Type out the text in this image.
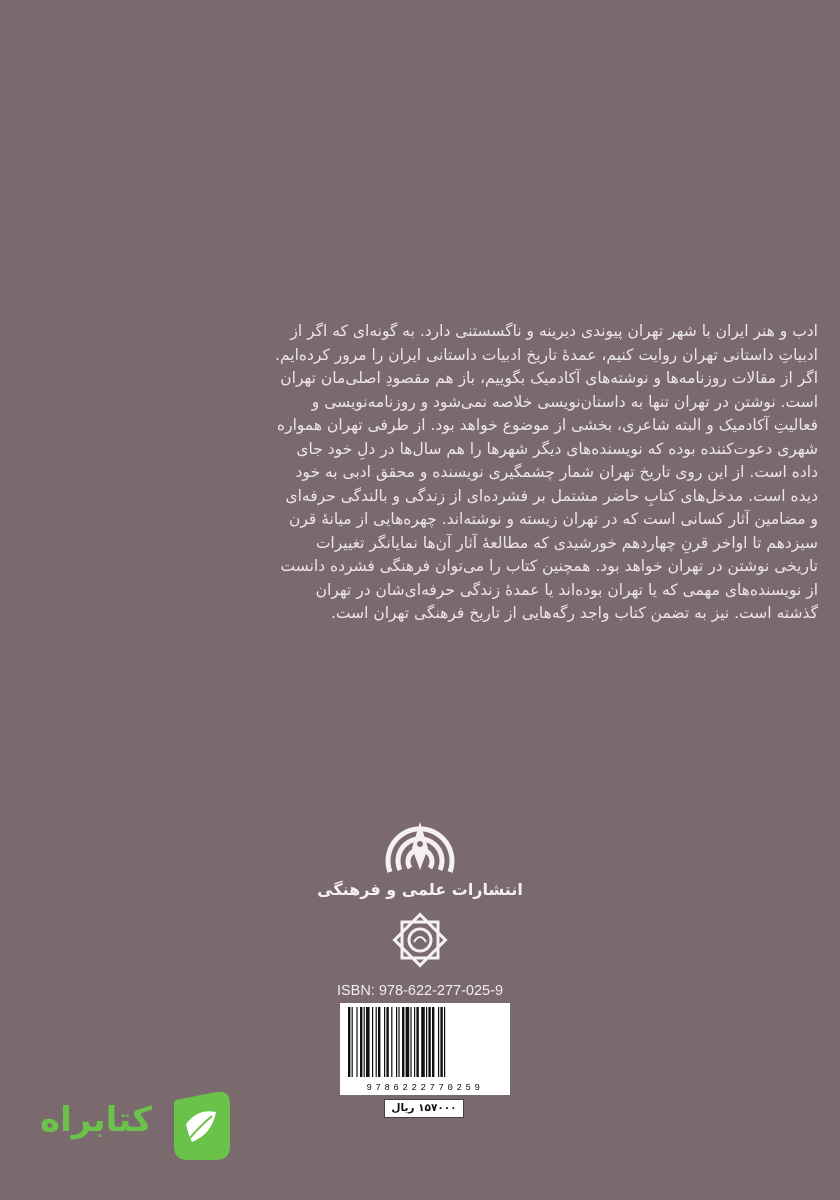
ادب و هنر ایران با شهر تهران پیوندی دیرینه و ناگسستنی دارد. به گونه‌ای که اگر از
ادبیاتِ داستانی تهران روایت کنیم، عمدهٔ تاریخ ادبیات داستانی ایران را مرور کرده‌ایم.
اگر از مقالات روزنامه‌ها و نوشته‌های آکادمیک بگوییم، باز هم مقصودِ اصلی‌مان تهران
است. نوشتن در تهران تنها به داستان‌نویسی خلاصه نمی‌شود و روزنامه‌نویسی و
فعالیتِ آکادمیک و البته شاعری، بخشی از موضوع خواهد بود. از طرفی تهران همواره
شهری دعوت‌کننده بوده که نویسنده‌های دیگر شهرها را هم سال‌ها در دلِ خود جای
داده است. از این روی تاریخ تهران شمار چشمگیری نویسنده و محقق ادبی به خود
دیده است. مدخل‌های کتابِ حاضر مشتمل بر فشرده‌ای از زندگی و بالندگی حرفه‌ای
و مضامین آثار کسانی است که در تهران زیسته و نوشته‌اند. چهره‌هایی از میانهٔ قرن
سیزدهم تا اواخر قرنِ چهاردهم خورشیدی که مطالعهٔ آثار آن‌ها نمایانگر تغییرات
تاریخی نوشتن در تهران خواهد بود. همچنین کتاب را می‌توان فرهنگی فشرده دانست
از نویسنده‌های مهمی که یا تهران بوده‌اند یا عمدهٔ زندگی حرفه‌ای‌شان در تهران
گذشته است. نیز به تضمن کتاب واجد رگه‌هایی از تاریخ فرهنگی تهران است.
انتشارات علمی و فرهنگی
ISBN: 978-622-277-025-9
9786222770259
۱۵۷۰۰۰ ریال
کتابراه
